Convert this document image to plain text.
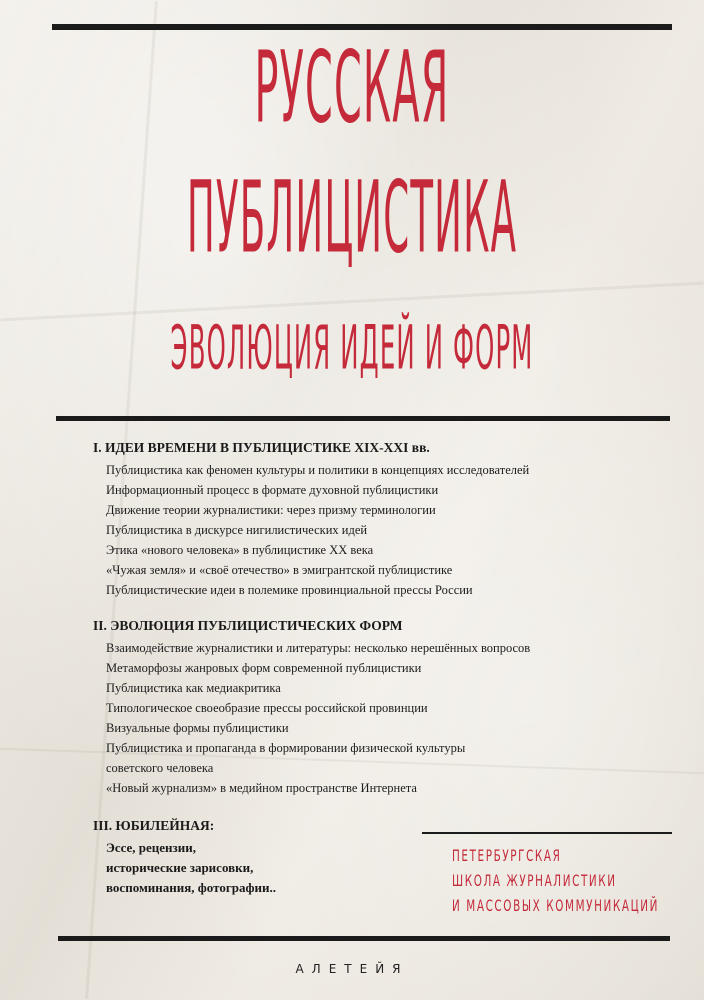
РУССКАЯ
ПУБЛИЦИСТИКА
ЭВОЛЮЦИЯ ИДЕЙ И ФОРМ
I. ИДЕИ ВРЕМЕНИ В ПУБЛИЦИСТИКЕ XIX-XXI вв.
Публицистика как феномен культуры и политики в концепциях исследователей
Информационный процесс в формате духовной публицистики
Движение теории журналистики: через призму терминологии
Публицистика в дискурсе нигилистических идей
Этика «нового человека» в публицистике XX века
«Чужая земля» и «своё отечество» в эмигрантской публицистике
Публицистические идеи в полемике провинциальной прессы России
II. ЭВОЛЮЦИЯ ПУБЛИЦИСТИЧЕСКИХ ФОРМ
Взаимодействие журналистики и литературы: несколько нерешённых вопросов
Метаморфозы жанровых форм современной публицистики
Публицистика как медиакритика
Типологическое своеобразие прессы российской провинции
Визуальные формы публицистики
Публицистика и пропаганда в формировании физической культуры
советского человека
«Новый журнализм» в медийном пространстве Интернета
III. ЮБИЛЕЙНАЯ:
Эссе, рецензии,
исторические зарисовки,
воспоминания, фотографии..
ПЕТЕРБУРГСКАЯ
ШКОЛА ЖУРНАЛИСТИКИ
И МАССОВЫХ КОММУНИКАЦИЙ
АЛЕТЕЙЯ
